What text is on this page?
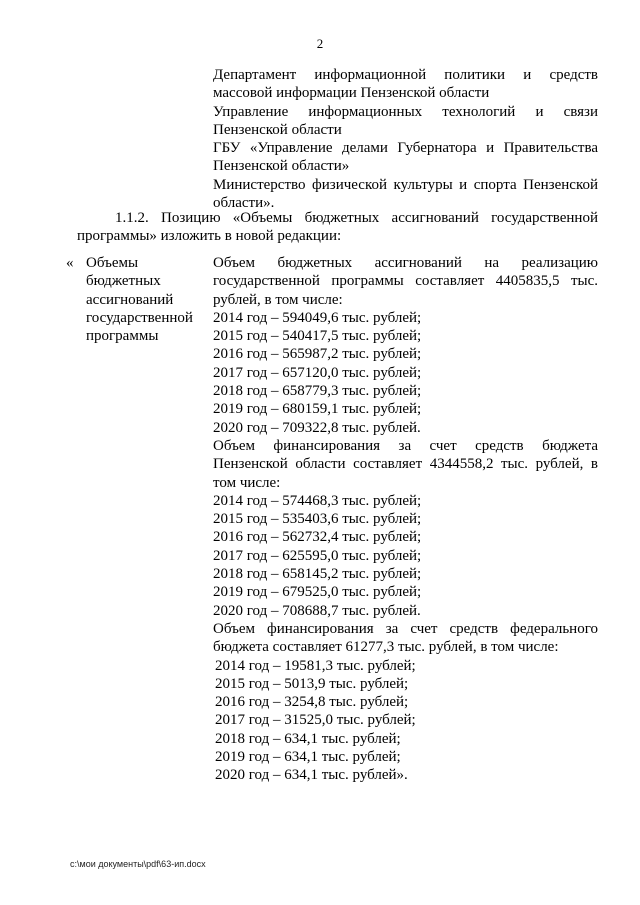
2
Департамент информационной политики и средств массовой информации Пензенской области
Управление информационных технологий и связи Пензенской области
ГБУ «Управление делами Губернатора и Правительства Пензенской области»
Министерство физической культуры и спорта Пензенской области».
1.1.2. Позицию «Объемы бюджетных ассигнований государственной программы» изложить в новой редакции:
« Объемы бюджетных ассигнований государственной программы
Объем бюджетных ассигнований на реализацию государственной программы составляет 4405835,5 тыс. рублей, в том числе:
2014 год – 594049,6 тыс. рублей;
2015 год – 540417,5 тыс. рублей;
2016 год – 565987,2 тыс. рублей;
2017 год – 657120,0 тыс. рублей;
2018 год – 658779,3 тыс. рублей;
2019 год – 680159,1 тыс. рублей;
2020 год – 709322,8 тыс. рублей.
Объем финансирования за счет средств бюджета Пензенской области составляет 4344558,2 тыс. рублей, в том числе:
2014 год – 574468,3 тыс. рублей;
2015 год – 535403,6 тыс. рублей;
2016 год – 562732,4 тыс. рублей;
2017 год – 625595,0 тыс. рублей;
2018 год – 658145,2 тыс. рублей;
2019 год – 679525,0 тыс. рублей;
2020 год – 708688,7 тыс. рублей.
Объем финансирования за счет средств федерального бюджета составляет 61277,3 тыс. рублей, в том числе:
2014 год – 19581,3 тыс. рублей;
2015 год – 5013,9 тыс. рублей;
2016 год – 3254,8 тыс. рублей;
2017 год – 31525,0 тыс. рублей;
2018 год – 634,1 тыс. рублей;
2019 год – 634,1 тыс. рублей;
2020 год – 634,1 тыс. рублей».
c:\мои документы\pdf\63-ип.docx
